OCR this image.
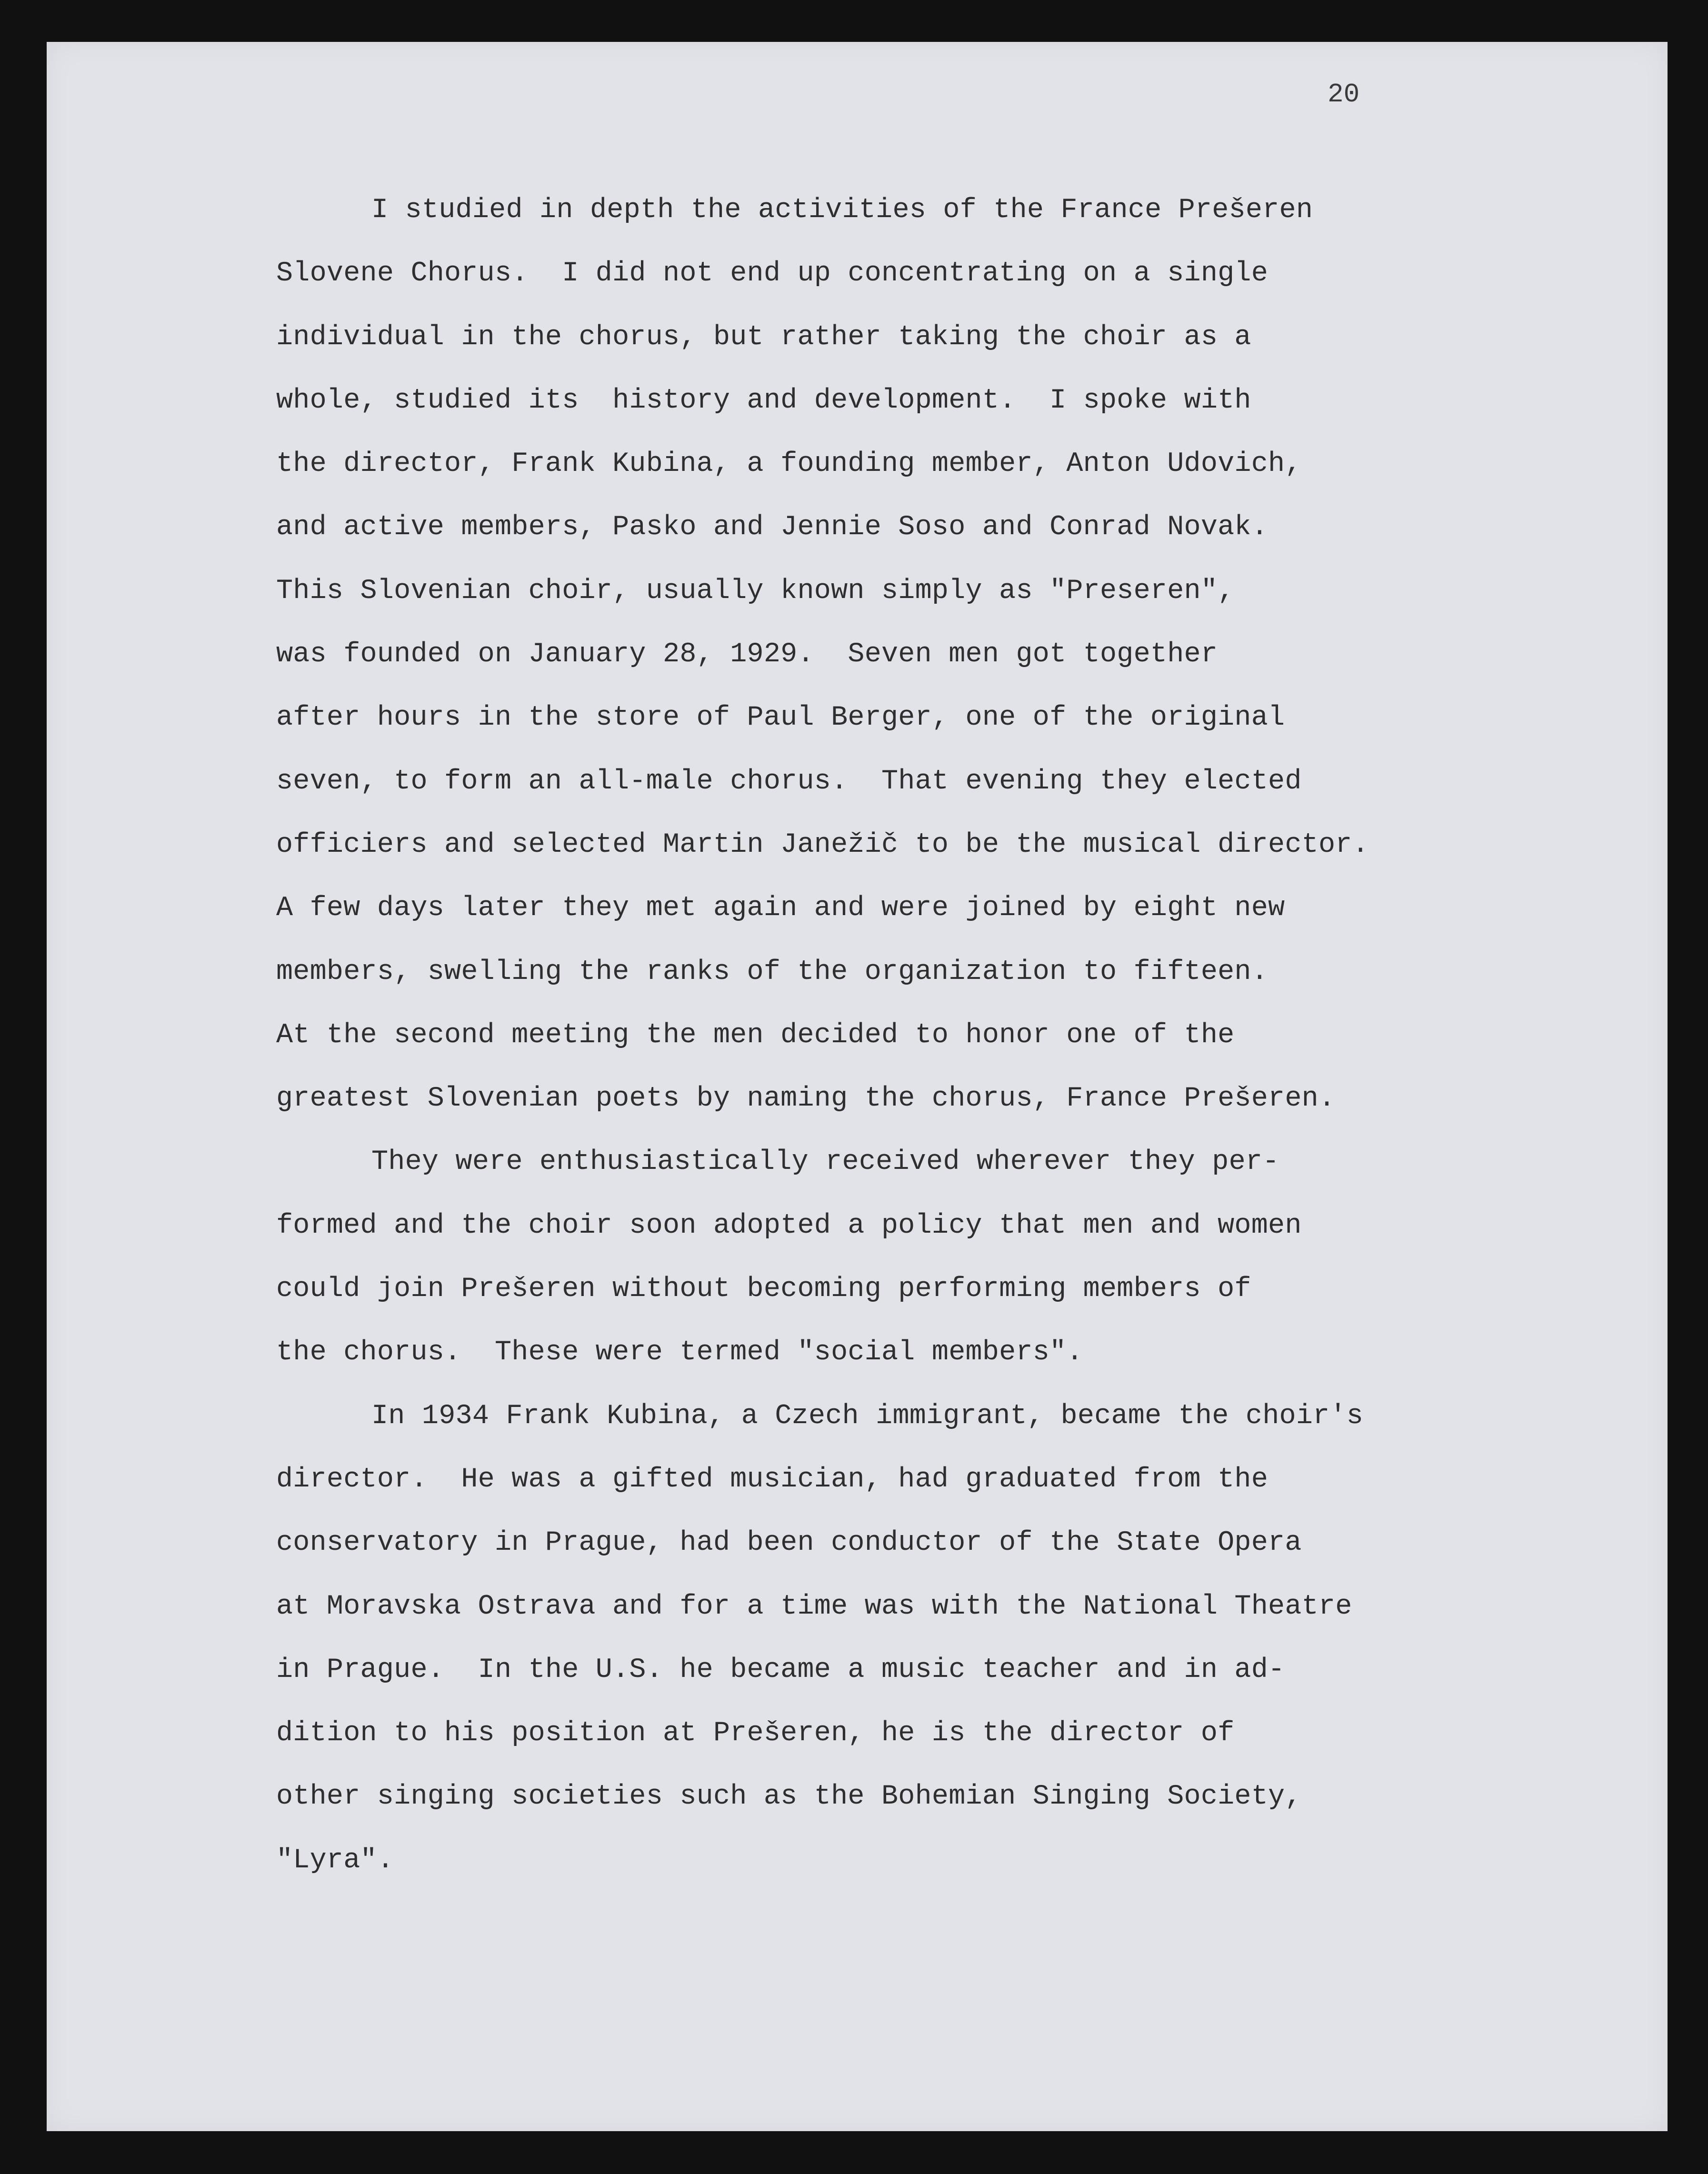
20
I studied in depth the activities of the France Prešeren
Slovene Chorus.  I did not end up concentrating on a single
individual in the chorus, but rather taking the choir as a
whole, studied its  history and development.  I spoke with
the director, Frank Kubina, a founding member, Anton Udovich,
and active members, Pasko and Jennie Soso and Conrad Novak.
This Slovenian choir, usually known simply as "Preseren",
was founded on January 28, 1929.  Seven men got together
after hours in the store of Paul Berger, one of the original
seven, to form an all-male chorus.  That evening they elected
officiers and selected Martin Janežič to be the musical director.
A few days later they met again and were joined by eight new
members, swelling the ranks of the organization to fifteen.
At the second meeting the men decided to honor one of the
greatest Slovenian poets by naming the chorus, France Prešeren.
They were enthusiastically received wherever they per-
formed and the choir soon adopted a policy that men and women
could join Prešeren without becoming performing members of
the chorus.  These were termed "social members".
In 1934 Frank Kubina, a Czech immigrant, became the choir's
director.  He was a gifted musician, had graduated from the
conservatory in Prague, had been conductor of the State Opera
at Moravska Ostrava and for a time was with the National Theatre
in Prague.  In the U.S. he became a music teacher and in ad-
dition to his position at Prešeren, he is the director of
other singing societies such as the Bohemian Singing Society,
"Lyra".
